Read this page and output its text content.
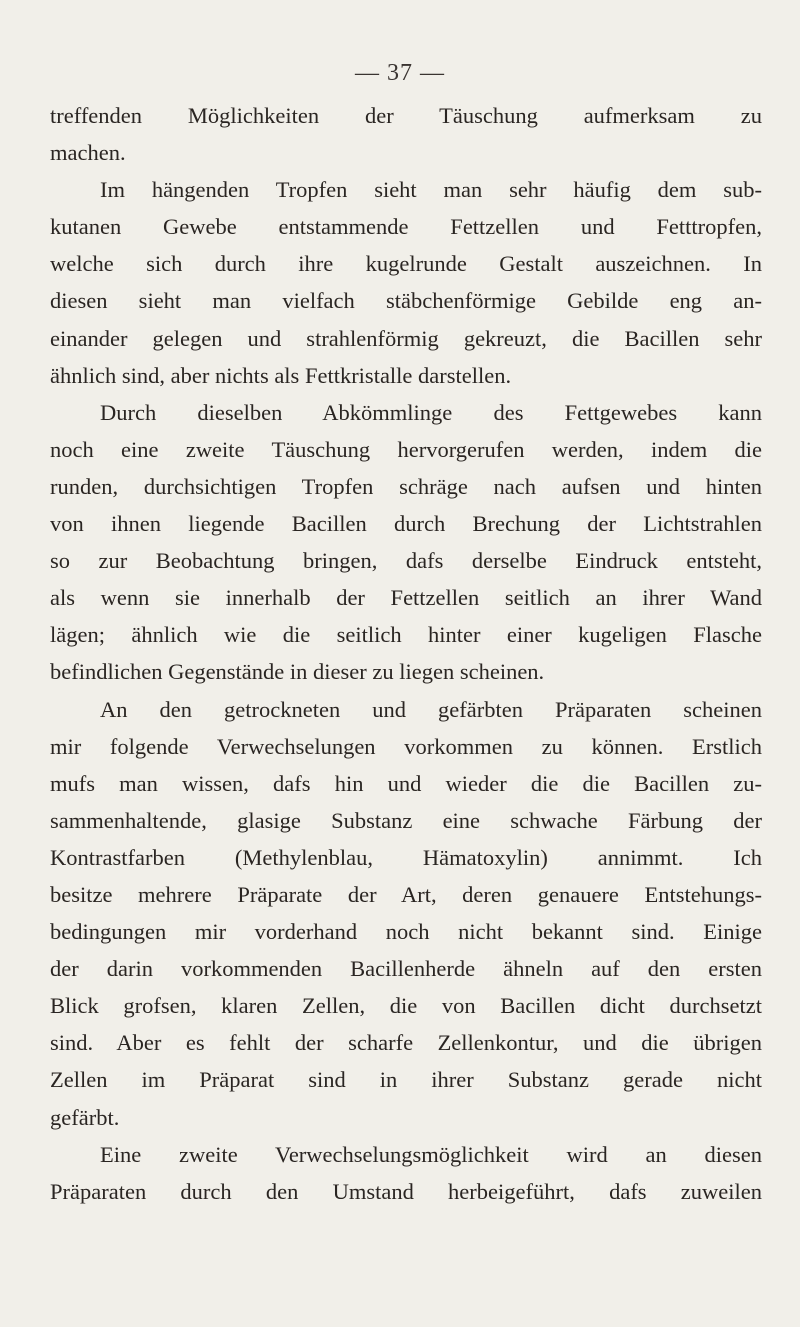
— 37 —
treffenden Möglichkeiten der Täuschung aufmerksam zu
machen.
Im hängenden Tropfen sieht man sehr häufig dem sub-
kutanen Gewebe entstammende Fettzellen und Fetttropfen,
welche sich durch ihre kugelrunde Gestalt auszeichnen. In
diesen sieht man vielfach stäbchenförmige Gebilde eng an-
einander gelegen und strahlenförmig gekreuzt, die Bacillen sehr
ähnlich sind, aber nichts als Fettkristalle darstellen.
Durch dieselben Abkömmlinge des Fettgewebes kann
noch eine zweite Täuschung hervorgerufen werden, indem die
runden, durchsichtigen Tropfen schräge nach aufsen und hinten
von ihnen liegende Bacillen durch Brechung der Lichtstrahlen
so zur Beobachtung bringen, dafs derselbe Eindruck entsteht,
als wenn sie innerhalb der Fettzellen seitlich an ihrer Wand
lägen; ähnlich wie die seitlich hinter einer kugeligen Flasche
befindlichen Gegenstände in dieser zu liegen scheinen.
An den getrockneten und gefärbten Präparaten scheinen
mir folgende Verwechselungen vorkommen zu können. Erstlich
mufs man wissen, dafs hin und wieder die die Bacillen zu-
sammenhaltende, glasige Substanz eine schwache Färbung der
Kontrastfarben (Methylenblau, Hämatoxylin) annimmt. Ich
besitze mehrere Präparate der Art, deren genauere Entstehungs-
bedingungen mir vorderhand noch nicht bekannt sind. Einige
der darin vorkommenden Bacillenherde ähneln auf den ersten
Blick grofsen, klaren Zellen, die von Bacillen dicht durchsetzt
sind. Aber es fehlt der scharfe Zellenkontur, und die übrigen
Zellen im Präparat sind in ihrer Substanz gerade nicht
gefärbt.
Eine zweite Verwechselungsmöglichkeit wird an diesen
Präparaten durch den Umstand herbeigeführt, dafs zuweilen
